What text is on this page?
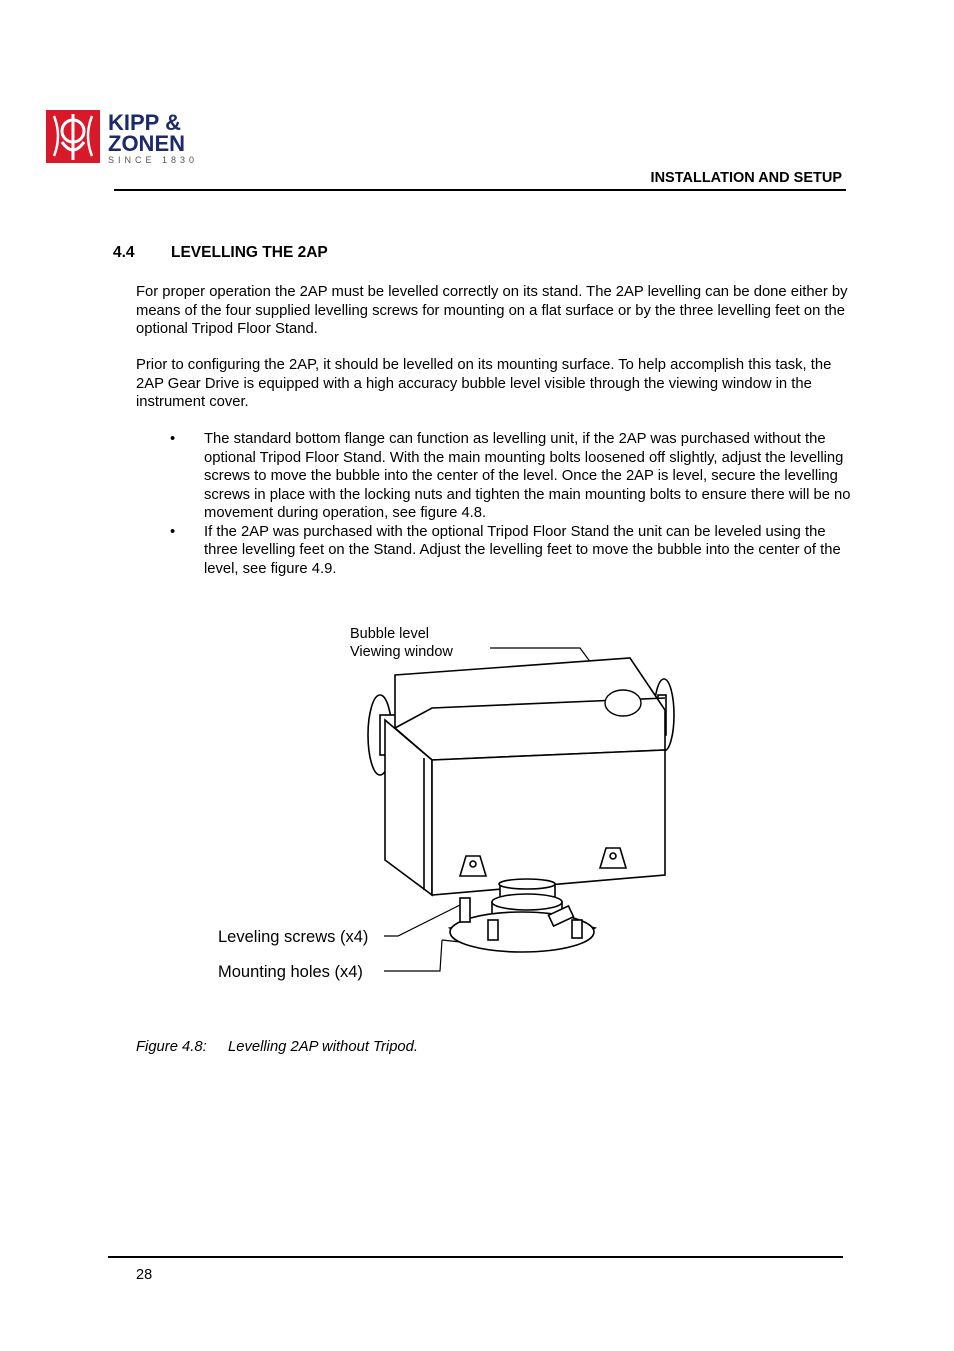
KIPP &
ZONEN
SINCE 1830
INSTALLATION AND SETUP
4.4 LEVELLING THE 2AP
For proper operation the 2AP must be levelled correctly on its stand. The 2AP levelling can be done either by means of the four supplied levelling screws for mounting on a flat surface or by the three levelling feet on the optional Tripod Floor Stand.
Prior to configuring the 2AP, it should be levelled on its mounting surface. To help accomplish this task, the 2AP Gear Drive is equipped with a high accuracy bubble level visible through the viewing window in the instrument cover.
• The standard bottom flange can function as levelling unit, if the 2AP was purchased without the optional Tripod Floor Stand. With the main mounting bolts loosened off slightly, adjust the levelling screws to move the bubble into the center of the level. Once the 2AP is level, secure the levelling screws in place with the locking nuts and tighten the main mounting bolts to ensure there will be no movement during operation, see figure 4.8.
• If the 2AP was purchased with the optional Tripod Floor Stand the unit can be leveled using the three levelling feet on the Stand. Adjust the levelling feet to move the bubble into the center of the level, see figure 4.9.
Bubble level
Viewing window
Leveling screws (x4)
Mounting holes (x4)
Figure 4.8: Levelling 2AP without Tripod.
28
